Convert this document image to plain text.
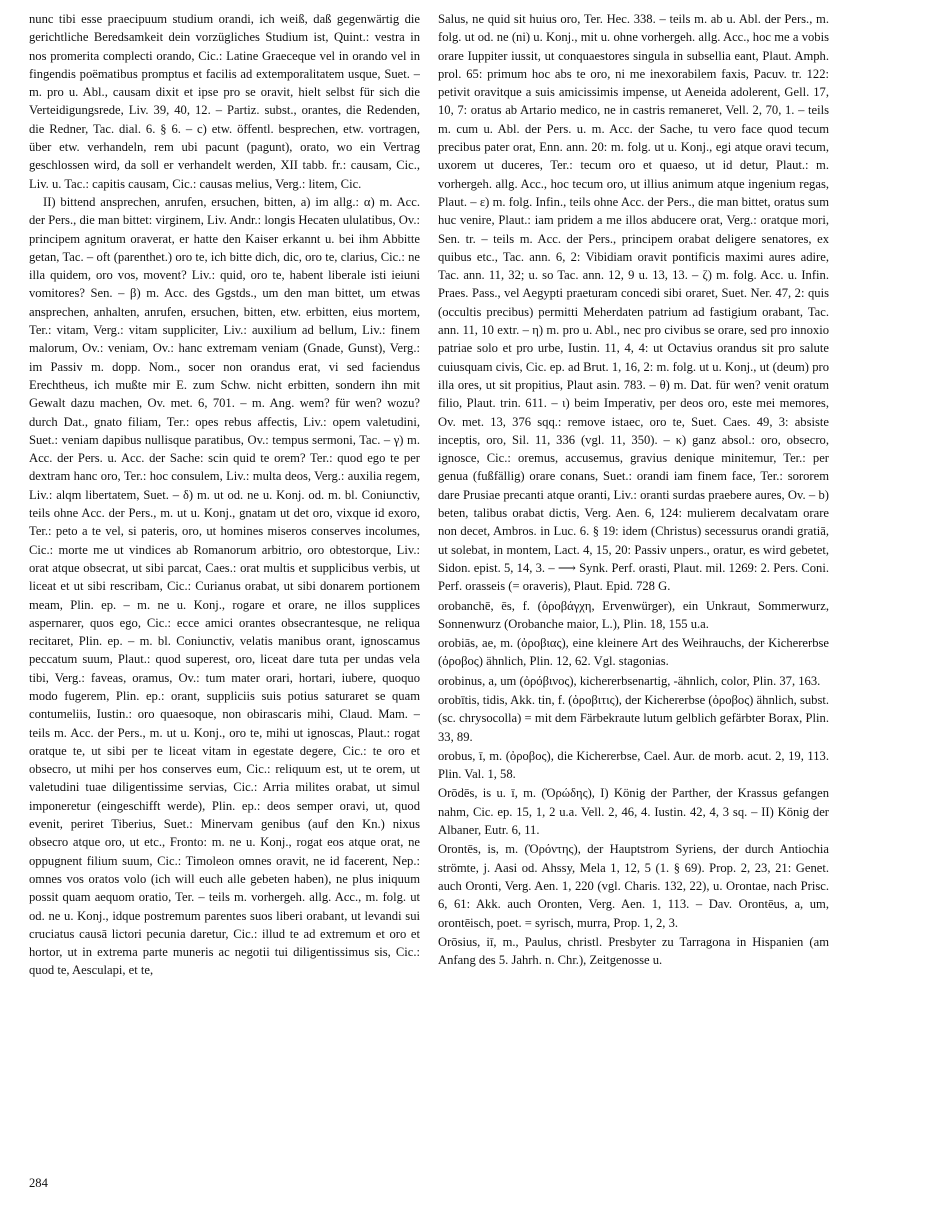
nunc tibi esse praecipuum studium orandi, ich weiß, daß gegenwärtig die gerichtliche Beredsamkeit dein vorzügliches Studium ist, Quint.: vestra in nos promerita complecti orando, Cic.: Latine Graeceque vel in orando vel in fingendis poëmatibus promptus et facilis ad extemporalitatem usque, Suet. – m. pro u. Abl., causam dixit et ipse pro se oravit, hielt selbst für sich die Verteidigungsrede, Liv. 39, 40, 12. – Partiz. subst., orantes, die Redenden, die Redner, Tac. dial. 6. § 6. – c) etw. öffentl. besprechen, etw. vortragen, über etw. verhandeln, rem ubi pacunt (pagunt), orato, wo ein Vertrag geschlossen wird, da soll er verhandelt werden, XII tabb. fr.: causam, Cic., Liv. u. Tac.: capitis causam, Cic.: causas melius, Verg.: litem, Cic.

II) bittend ansprechen, anrufen, ersuchen, bitten, a) im allg.: α) m. Acc. der Pers., die man bittet: virginem, Liv. Andr.: longis Hecaten ululatibus, Ov.: principem agnitum oraverat, er hatte den Kaiser erkannt u. bei ihm Abbitte getan, Tac. – oft (parenthet.) oro te, ich bitte dich, dic, oro te, clarius, Cic.: ne illa quidem, oro vos, movent? Liv.: quid, oro te, habent liberale isti ieiuni vomitores? Sen. – β) m. Acc. des Ggstds., um den man bittet, um etwas ansprechen, anhalten, anrufen, ersuchen, bitten, etw. erbitten, eius mortem, Ter.: vitam, Verg.: vitam suppliciter, Liv.: auxilium ad bellum, Liv.: finem malorum, Ov.: veniam, Ov.: hanc extremam veniam (Gnade, Gunst), Verg.: im Passiv m. dopp. Nom., socer non orandus erat, vi sed faciendus Erechtheus, ich mußte mir E. zum Schw. nicht erbitten, sondern ihn mit Gewalt dazu machen, Ov. met. 6, 701. – m. Ang. wem? für wen? wozu? durch Dat., gnato filiam, Ter.: opes rebus affectis, Liv.: opem valetudini, Suet.: veniam dapibus nullisque paratibus, Ov.: tempus sermoni, Tac. – γ) m. Acc. der Pers. u. Acc. der Sache: scin quid te orem? Ter.: quod ego te per dextram hanc oro, Ter.: hoc consulem, Liv.: multa deos, Verg.: auxilia regem, Liv.: alqm libertatem, Suet. – δ) m. ut od. ne u. Konj. od. m. bl. Coniunctiv, teils ohne Acc. der Pers., m. ut u. Konj., gnatam ut det oro, vixque id exoro, Ter.: peto a te vel, si pateris, oro, ut homines miseros conserves incolumes, Cic.: morte me ut vindices ab Romanorum arbitrio, oro obtestorque, Liv.: orat atque obsecrat, ut sibi parcat, Caes.: orat multis et supplicibus verbis, ut liceat et ut sibi rescribam, Cic.: Curianus orabat, ut sibi donarem portionem meam, Plin. ep. – m. ne u. Konj., rogare et orare, ne illos supplices aspernarer, quos ego, Cic.: ecce amici orantes obsecrantesque, ne reliqua recitaret, Plin. ep. – m. bl. Coniunctiv, velatis manibus orant, ignoscamus peccatum suum, Plaut.: quod superest, oro, liceat dare tuta per undas vela tibi, Verg.: faveas, oramus, Ov.: tum mater orari, hortari, iubere, quoquo modo fugerem, Plin. ep.: orant, suppliciis suis potius saturaret se quam contumeliis, Iustin.: oro quaesoque, non obirascaris mihi, Claud. Mam. – teils m. Acc. der Pers., m. ut u. Konj., oro te, mihi ut ignoscas, Plaut.: rogat oratque te, ut sibi per te liceat vitam in egestate degere, Cic.: te oro et obsecro, ut mihi per hos conserves eum, Cic.: reliquum est, ut te orem, ut valetudini tuae diligentissime servias, Cic.: Arria milites orabat, ut simul imponeretur (eingeschifft werde), Plin. ep.: deos semper oravi, ut, quod evenit, periret Tiberius, Suet.: Minervam genibus (auf den Kn.) nixus obsecro atque oro, ut etc., Fronto: m. ne u. Konj., rogat eos atque orat, ne oppugnent filium suum, Cic.: Timoleon omnes oravit, ne id facerent, Nep.: omnes vos oratos volo (ich will euch alle gebeten haben), ne plus iniquum possit quam aequom oratio, Ter. – teils m. vorhergeh. allg. Acc., m. folg. ut od. ne u. Konj., idque postremum parentes suos liberi orabant, ut levandi sui cruciatus causā lictori pecunia daretur, Cic.: illud te ad extremum et oro et hortor, ut in extrema parte muneris ac negotii tui diligentissimus sis, Cic.: quod te, Aesculapi, et te,

Salus, ne quid sit huius oro, Ter. Hec. 338. – teils m. ab u. Abl. der Pers., m. folg. ut od. ne (ni) u. Konj., mit u. ohne vorhergeh. allg. Acc., hoc me a vobis orare Iuppiter iussit, ut conquaestores singula in subsellia eant, Plaut. Amph. prol. 65: primum hoc abs te oro, ni me inexorabilem faxis, Pacuv. tr. 122: petivit oravitque a suis amicissimis impense, ut Aeneida adolerent, Gell. 17, 10, 7: oratus ab Artario medico, ne in castris remaneret, Vell. 2, 70, 1. – teils m. cum u. Abl. der Pers. u. m. Acc. der Sache, tu vero face quod tecum precibus pater orat, Enn. ann. 20: m. folg. ut u. Konj., egi atque oravi tecum, uxorem ut duceres, Ter.: tecum oro et quaeso, ut id detur, Plaut.: m. vorhergeh. allg. Acc., hoc tecum oro, ut illius animum atque ingenium regas, Plaut. – ε) m. folg. Infin., teils ohne Acc. der Pers., die man bittet, oratus sum huc venire, Plaut.: iam pridem a me illos abducere orat, Verg.: oratque mori, Sen. tr. – teils m. Acc. der Pers., principem orabat deligere senatores, ex quibus etc., Tac. ann. 6, 2: Vibidiam oravit pontificis maximi aures adire, Tac. ann. 11, 32; u. so Tac. ann. 12, 9 u. 13, 13. – ζ) m. folg. Acc. u. Infin. Praes. Pass., vel Aegypti praeturam concedi sibi oraret, Suet. Ner. 47, 2: quis (occultis precibus) permitti Meherdaten patrium ad fastigium orabant, Tac. ann. 11, 10 extr. – η) m. pro u. Abl., nec pro civibus se orare, sed pro innoxio patriae solo et pro urbe, Iustin. 11, 4, 4: ut Octavius orandus sit pro salute cuiusquam civis, Cic. ep. ad Brut. 1, 16, 2: m. folg. ut u. Konj., ut (deum) pro illa ores, ut sit propitius, Plaut asin. 783. – θ) m. Dat. für wen? venit oratum filio, Plaut. trin. 611. – ι) beim Imperativ, per deos oro, este mei memores, Ov. met. 13, 376 sqq.: remove istaec, oro te, Suet. Caes. 49, 3: absiste inceptis, oro, Sil. 11, 336 (vgl. 11, 350). – κ) ganz absol.: oro, obsecro, ignosce, Cic.: oremus, accusemus, gravius denique minitemur, Ter.: per genua (fußfällig) orare conans, Suet.: orandi iam finem face, Ter.: sororem dare Prusiae precanti atque oranti, Liv.: oranti surdas praebere aures, Ov. – b) beten, talibus orabat dictis, Verg. Aen. 6, 124: mulierem decalvatam orare non decet, Ambros. in Luc. 6. § 19: idem (Christus) secessurus orandi gratiā, ut solebat, in montem, Lact. 4, 15, 20: Passiv unpers., oratur, es wird gebetet, Sidon. epist. 5, 14, 3. – ⟶ Synk. Perf. orasti, Plaut. mil. 1269: 2. Pers. Coni. Perf. orasseis (= oraveris), Plaut. Epid. 728 G.

orobanchē, ēs, f. (ὀροβάγχη, Ervenwürger), ein Unkraut, Sommerwurz, Sonnenwurz (Orobanche maior, L.), Plin. 18, 155 u.a.

orobiās, ae, m. (ὀροβιας), eine kleinere Art des Weihrauchs, der Kichererbse (ὀροβος) ähnlich, Plin. 12, 62. Vgl. stagonias.

orobinus, a, um (ὀρόβινος), kichererbsenartig, -ähnlich, color, Plin. 37, 163.

orobītis, tidis, Akk. tin, f. (ὀροβιτις), der Kichererbse (ὀροβος) ähnlich, subst. (sc. chrysocolla) = mit dem Färbekraute lutum gelblich gefärbter Borax, Plin. 33, 89.

orobus, ī, m. (ὀροβος), die Kichererbse, Cael. Aur. de morb. acut. 2, 19, 113. Plin. Val. 1, 58.

Orōdēs, is u. ī, m. (Ὀρώδης), I) König der Parther, der Krassus gefangen nahm, Cic. ep. 15, 1, 2 u.a. Vell. 2, 46, 4. Iustin. 42, 4, 3 sq. – II) König der Albaner, Eutr. 6, 11.

Orontēs, is, m. (Ὀρόντης), der Hauptstrom Syriens, der durch Antiochia strömte, j. Aasi od. Ahssy, Mela 1, 12, 5 (1. § 69). Prop. 2, 23, 21: Genet. auch Oronti, Verg. Aen. 1, 220 (vgl. Charis. 132, 22), u. Orontae, nach Prisc. 6, 61: Akk. auch Oronten, Verg. Aen. 1, 113. – Dav. Orontēus, a, um, orontēisch, poet. = syrisch, murra, Prop. 1, 2, 3.

Orōsius, iī, m., Paulus, christl. Presbyter zu Tarragona in Hispanien (am Anfang des 5. Jahrh. n. Chr.), Zeitgenosse u.

284
